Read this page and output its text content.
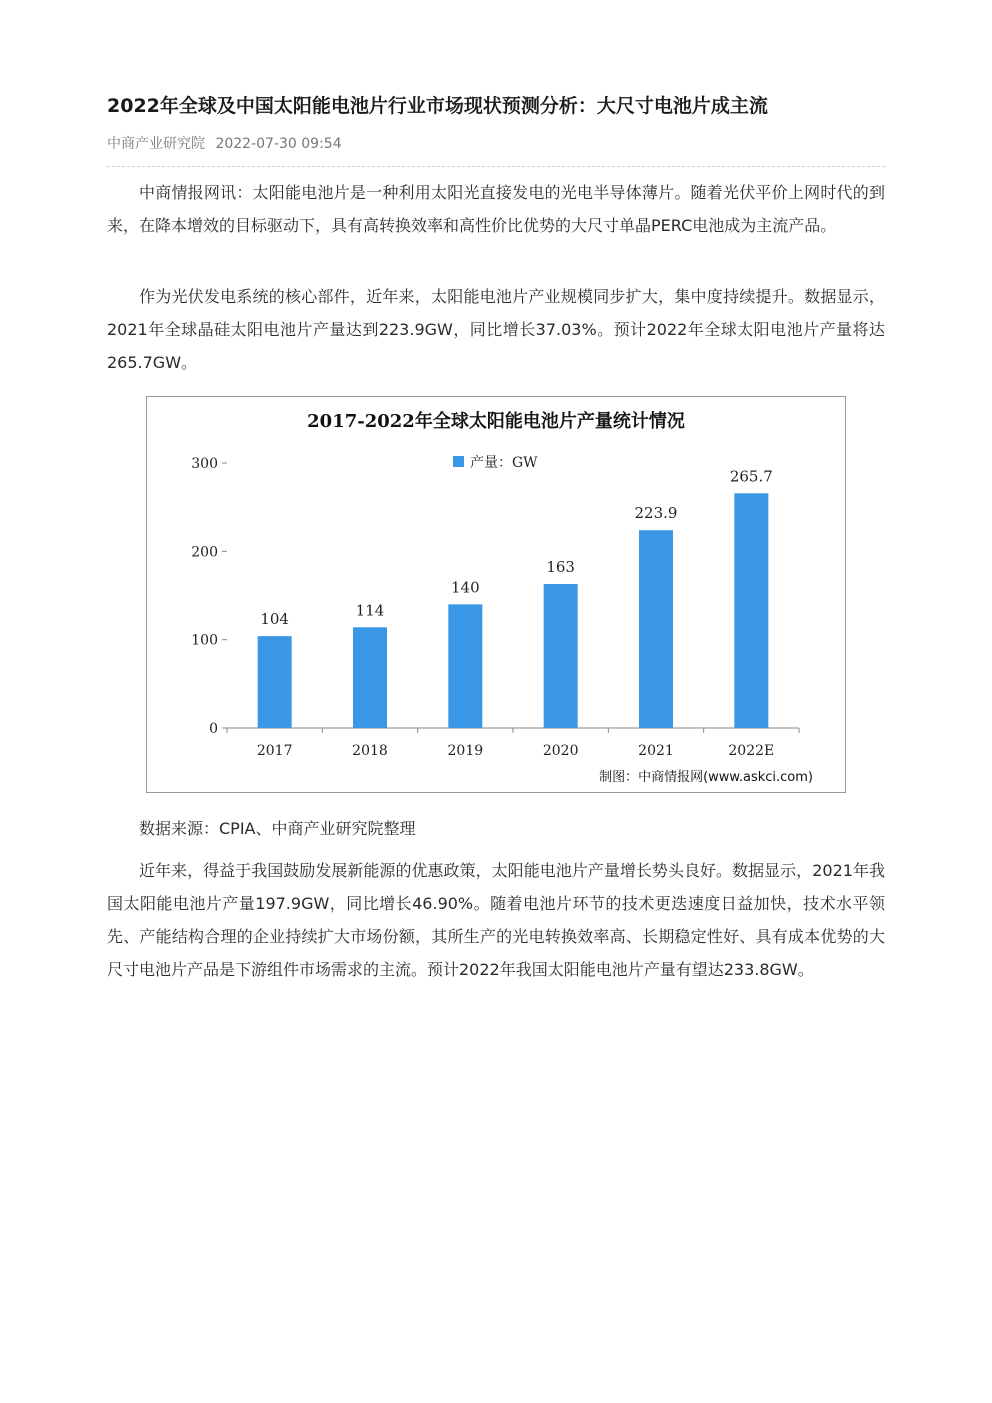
2022年全球及中国太阳能电池片行业市场现状预测分析：大尺寸电池片成主流
中商产业研究院 2022-07-30 09:54

中商情报网讯：太阳能电池片是一种利用太阳光直接发电的光电半导体薄片。随着光伏平价上网时代的到来，在降本增效的目标驱动下，具有高转换效率和高性价比优势的大尺寸单晶PERC电池成为主流产品。

作为光伏发电系统的核心部件，近年来，太阳能电池片产业规模同步扩大，集中度持续提升。数据显示，2021年全球晶硅太阳电池片产量达到223.9GW，同比增长37.03%。预计2022年全球太阳电池片产量将达265.7GW。

2017-2022年全球太阳能电池片产量统计情况
产量：GW
0
100
200
300
2017	2018	2019	2020	2021	2022E
104	114
140
163
223.9
265.7
制图：中商情报网(www.askci.com)

数据来源：CPIA、中商产业研究院整理

近年来，得益于我国鼓励发展新能源的优惠政策，太阳能电池片产量增长势头良好。数据显示，2021年我国太阳能电池片产量197.9GW，同比增长46.90%。随着电池片环节的技术更迭速度日益加快，技术水平领先、产能结构合理的企业持续扩大市场份额，其所生产的光电转换效率高、长期稳定性好、具有成本优势的大尺寸电池片产品是下游组件市场需求的主流。预计2022年我国太阳能电池片产量有望达233.8GW。
